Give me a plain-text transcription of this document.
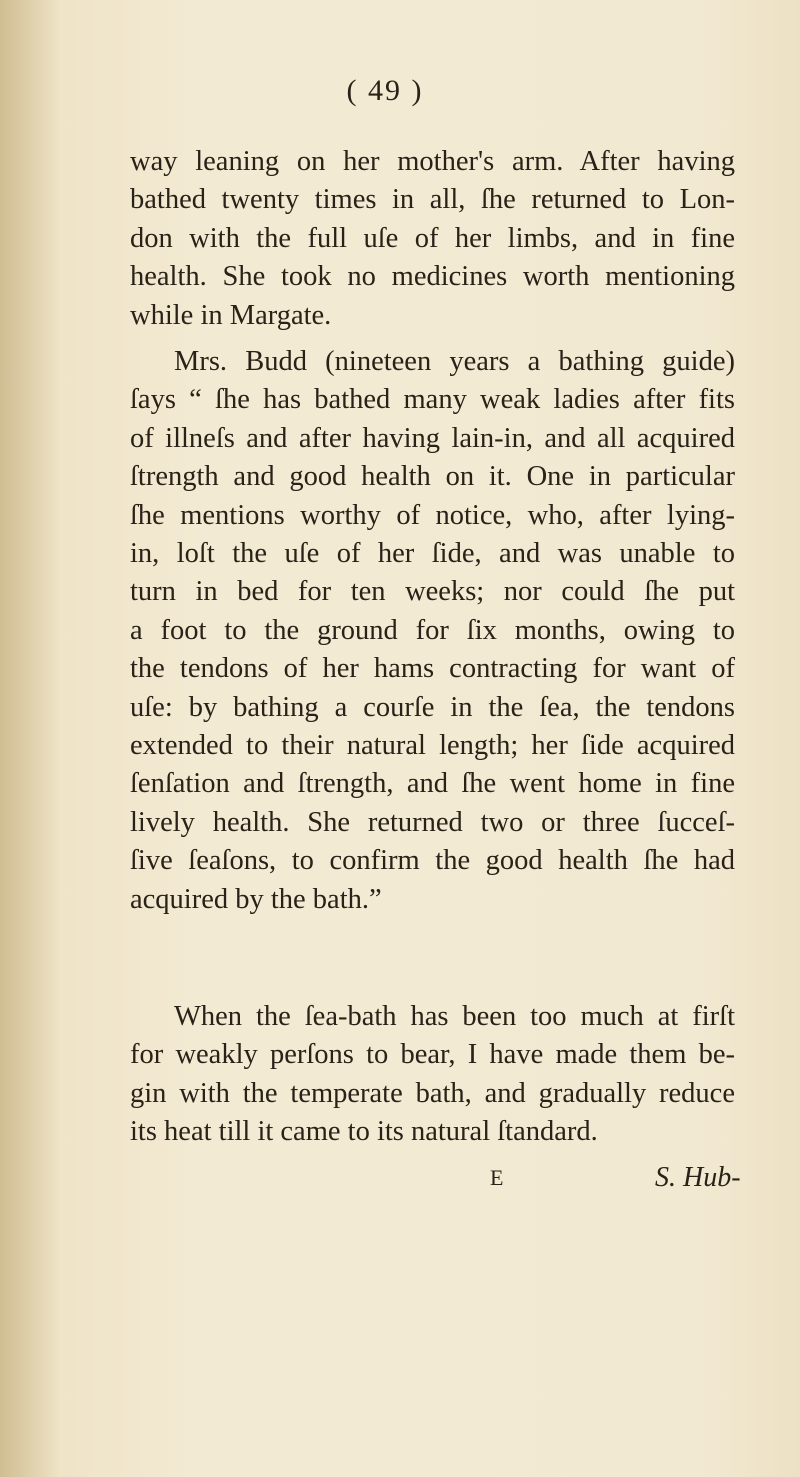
( 49 )
way leaning on her mother's arm. After having
bathed twenty times in all, ſhe returned to Lon-
don with the full uſe of her limbs, and in fine
health. She took no medicines worth mentioning
while in Margate.
Mrs. Budd (nineteen years a bathing guide)
ſays “ ſhe has bathed many weak ladies after fits
of illneſs and after having lain-in, and all acquired
ſtrength and good health on it. One in particular
ſhe mentions worthy of notice, who, after lying-
in, loſt the uſe of her ſide, and was unable to
turn in bed for ten weeks; nor could ſhe put
a foot to the ground for ſix months, owing to
the tendons of her hams contracting for want of
uſe: by bathing a courſe in the ſea, the tendons
extended to their natural length; her ſide acquired
ſenſation and ſtrength, and ſhe went home in fine
lively health. She returned two or three ſucceſ-
ſive ſeaſons, to confirm the good health ſhe had
acquired by the bath.”
When the ſea-bath has been too much at firſt
for weakly perſons to bear, I have made them be-
gin with the temperate bath, and gradually reduce
its heat till it came to its natural ſtandard.
E	S. Hub-
